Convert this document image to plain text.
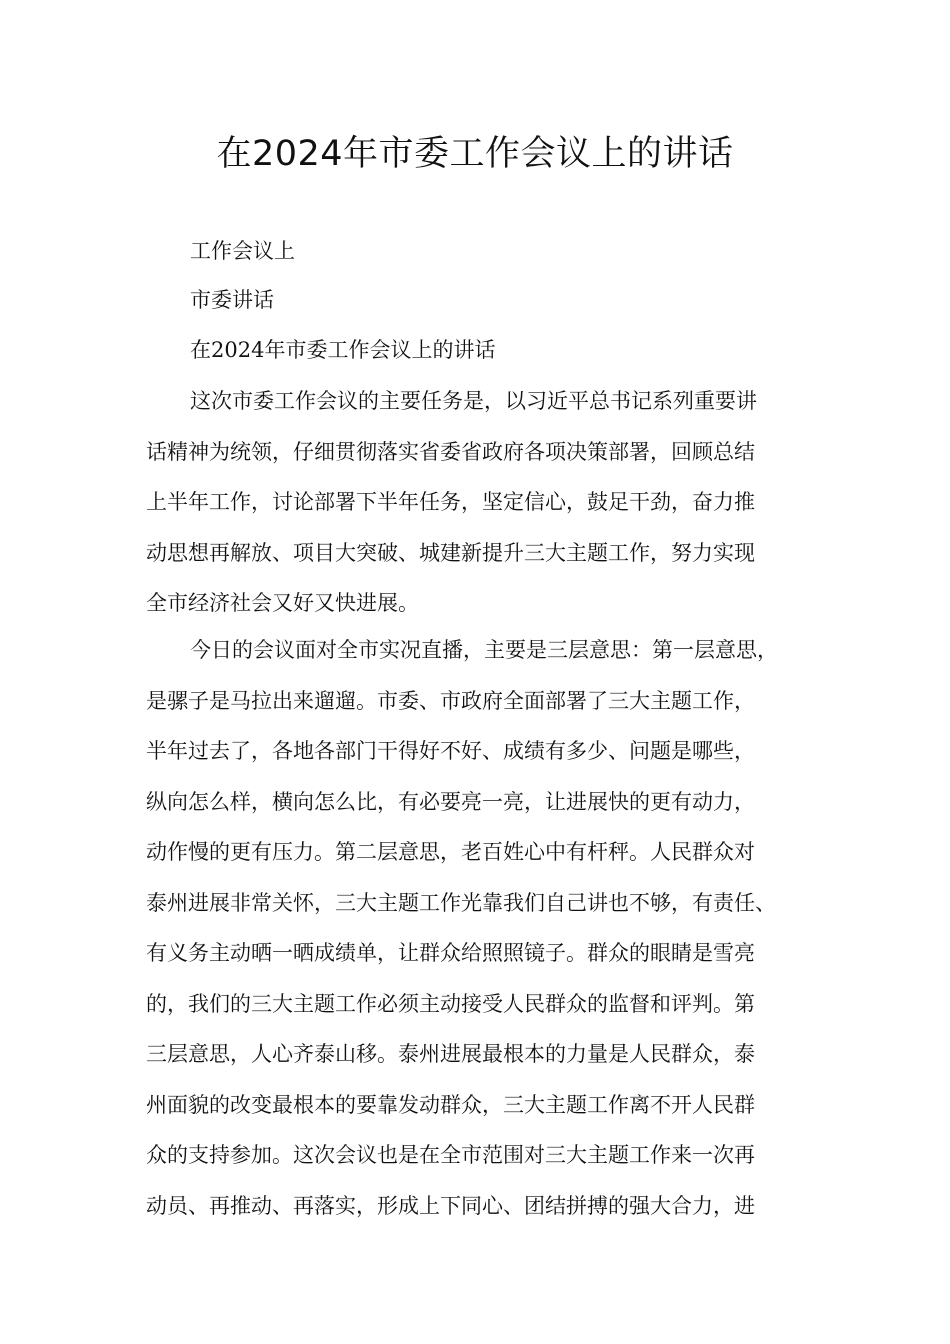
在2024年市委工作会议上的讲话

工作会议上

市委讲话

在2024年市委工作会议上的讲话

这次市委工作会议的主要任务是，以习近平总书记系列重要讲
话精神为统领，仔细贯彻落实省委省政府各项决策部署，回顾总结
上半年工作，讨论部署下半年任务，坚定信心，鼓足干劲，奋力推
动思想再解放、项目大突破、城建新提升三大主题工作，努力实现
全市经济社会又好又快进展。
今日的会议面对全市实况直播，主要是三层意思：第一层意思，
是骡子是马拉出来遛遛。市委、市政府全面部署了三大主题工作，
半年过去了，各地各部门干得好不好、成绩有多少、问题是哪些，
纵向怎么样，横向怎么比，有必要亮一亮，让进展快的更有动力，
动作慢的更有压力。第二层意思，老百姓心中有杆秤。人民群众对
泰州进展非常关怀，三大主题工作光靠我们自己讲也不够，有责任、
有义务主动晒一晒成绩单，让群众给照照镜子。群众的眼睛是雪亮
的，我们的三大主题工作必须主动接受人民群众的监督和评判。第
三层意思，人心齐泰山移。泰州进展最根本的力量是人民群众，泰
州面貌的改变最根本的要靠发动群众，三大主题工作离不开人民群
众的支持参加。这次会议也是在全市范围对三大主题工作来一次再
动员、再推动、再落实，形成上下同心、团结拼搏的强大合力，进
